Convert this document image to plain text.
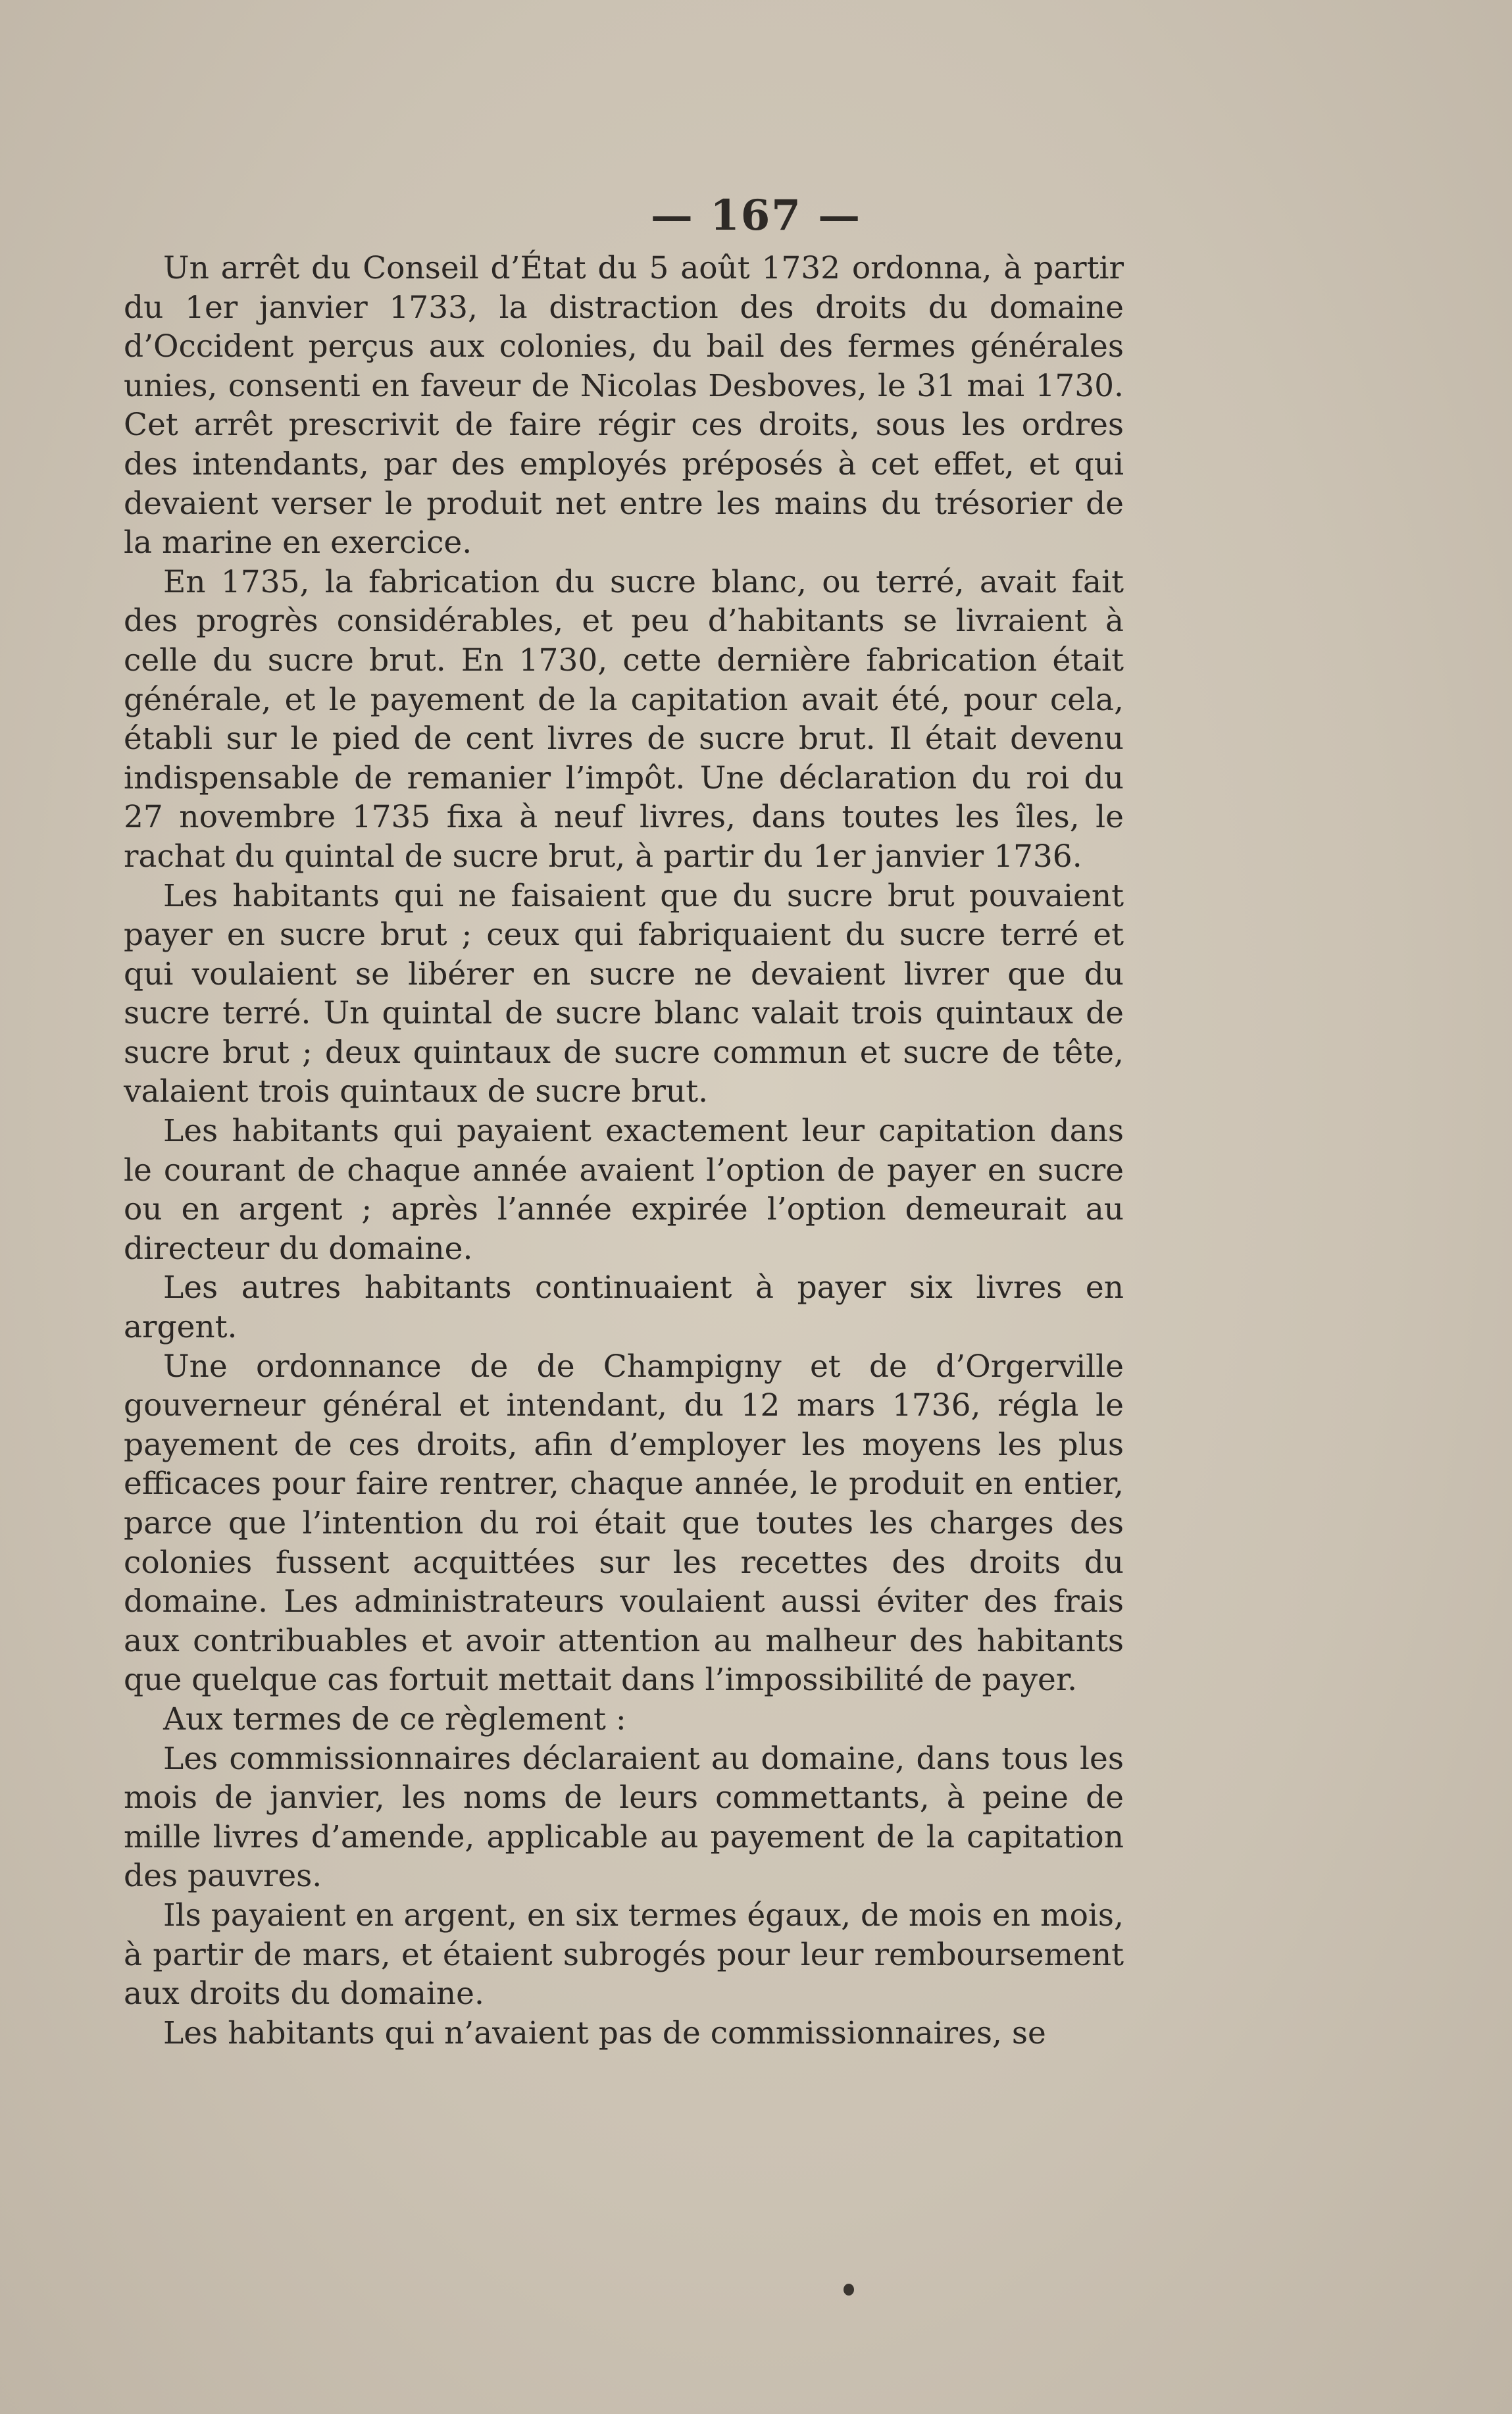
— 167 —

Un arrêt du Conseil d’État du 5 août 1732 ordonna, à partir du 1er janvier 1733, la distraction des droits du domaine d’Occident perçus aux colonies, du bail des fermes générales unies, consenti en faveur de Nicolas Desboves, le 31 mai 1730. Cet arrêt prescrivit de faire régir ces droits, sous les ordres des intendants, par des employés préposés à cet effet, et qui devaient verser le produit net entre les mains du trésorier de la marine en exercice.

En 1735, la fabrication du sucre blanc, ou terré, avait fait des progrès considérables, et peu d’habitants se livraient à celle du sucre brut. En 1730, cette dernière fabrication était générale, et le payement de la capitation avait été, pour cela, établi sur le pied de cent livres de sucre brut. Il était devenu indispensable de remanier l’impôt. Une déclaration du roi du 27 novembre 1735 fixa à neuf livres, dans toutes les îles, le rachat du quintal de sucre brut, à partir du 1er janvier 1736.

Les habitants qui ne faisaient que du sucre brut pouvaient payer en sucre brut ; ceux qui fabriquaient du sucre terré et qui voulaient se libérer en sucre ne devaient livrer que du sucre terré. Un quintal de sucre blanc valait trois quintaux de sucre brut ; deux quintaux de sucre commun et sucre de tête, valaient trois quintaux de sucre brut.

Les habitants qui payaient exactement leur capitation dans le courant de chaque année avaient l’option de payer en sucre ou en argent ; après l’année expirée l’option demeurait au directeur du domaine.

Les autres habitants continuaient à payer six livres en argent.

Une ordonnance de de Champigny et de d’Orgerville gouverneur général et intendant, du 12 mars 1736, régla le payement de ces droits, afin d’employer les moyens les plus efficaces pour faire rentrer, chaque année, le produit en entier, parce que l’intention du roi était que toutes les charges des colonies fussent acquittées sur les recettes des droits du domaine. Les administrateurs voulaient aussi éviter des frais aux contribuables et avoir attention au malheur des habitants que quelque cas fortuit mettait dans l’impossibilité de payer.

Aux termes de ce règlement :

Les commissionnaires déclaraient au domaine, dans tous les mois de janvier, les noms de leurs commettants, à peine de mille livres d’amende, applicable au payement de la capitation des pauvres.

Ils payaient en argent, en six termes égaux, de mois en mois, à partir de mars, et étaient subrogés pour leur remboursement aux droits du domaine.

Les habitants qui n’avaient pas de commissionnaires, se
